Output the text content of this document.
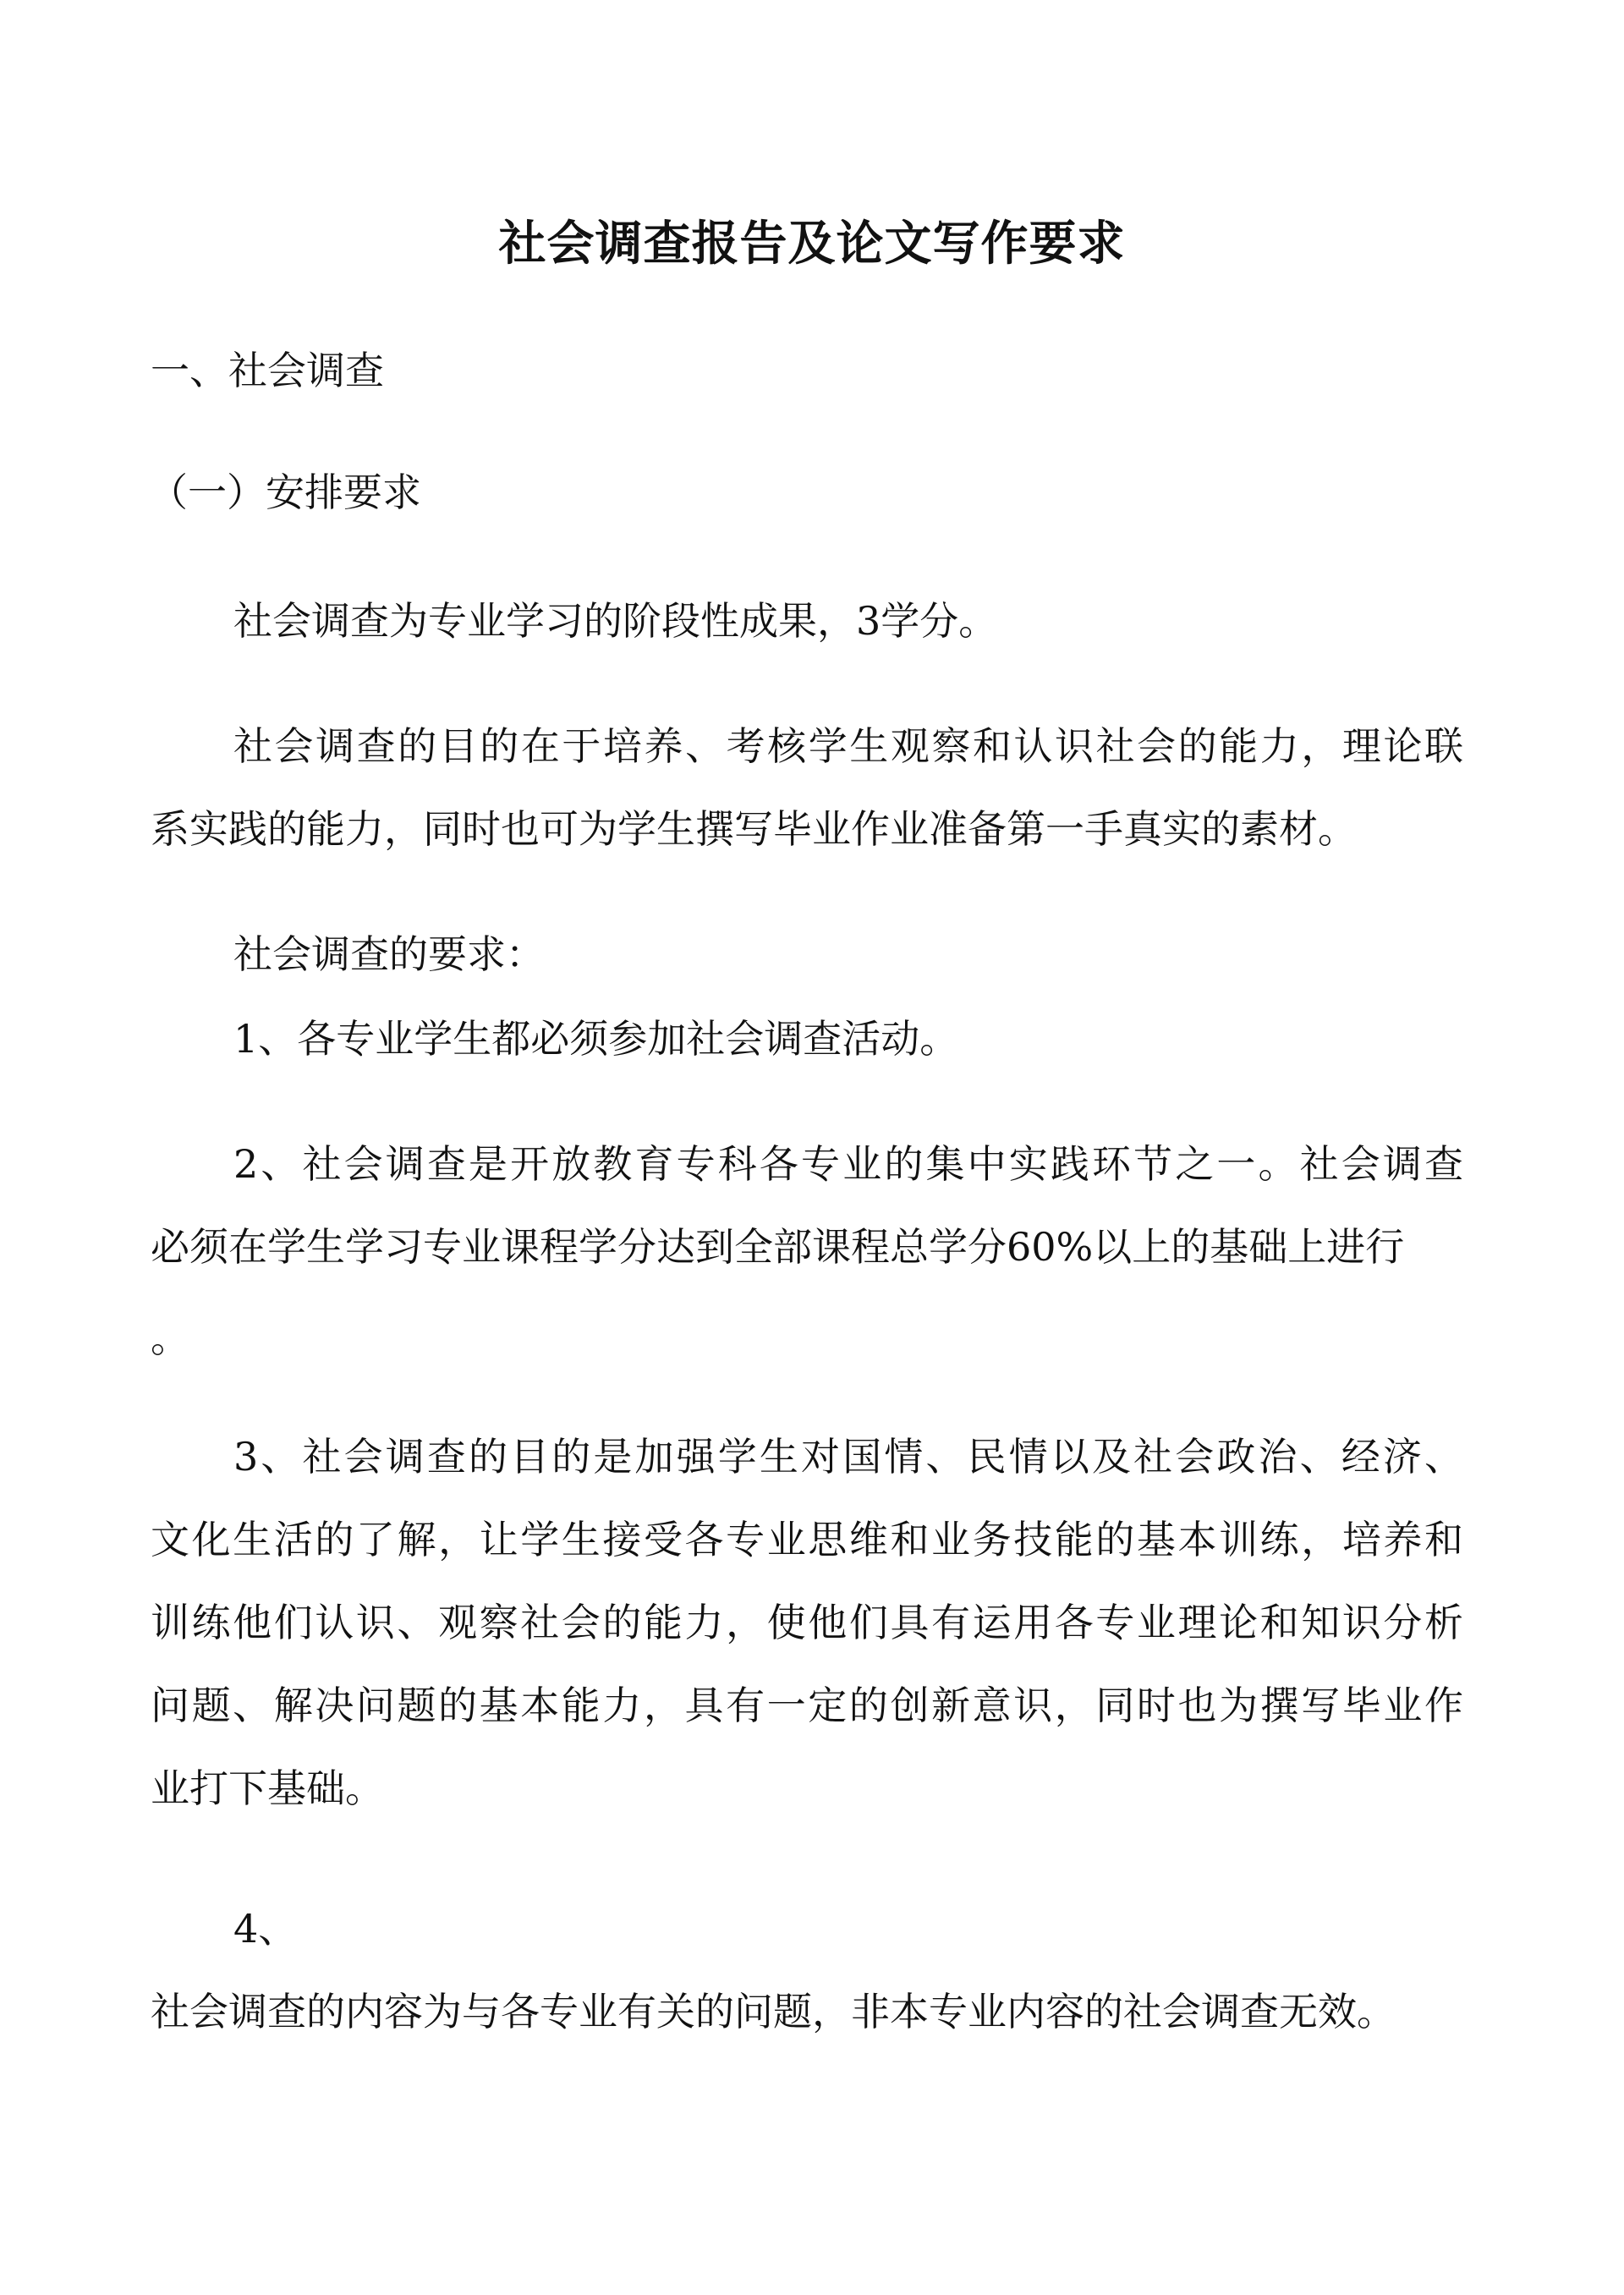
社会调查报告及论文写作要求
一、社会调查
（一）安排要求
社会调查为专业学习的阶段性成果，3学分。
社会调查的目的在于培养、考核学生观察和认识社会的能力，理论联
系实践的能力，同时也可为学生撰写毕业作业准备第一手真实的素材。
社会调查的要求：
1、各专业学生都必须参加社会调查活动。
2、社会调查是开放教育专科各专业的集中实践环节之一。社会调查
必须在学生学习专业课程学分达到全部课程总学分60%以上的基础上进行
。
3、社会调查的目的是加强学生对国情、民情以及社会政治、经济、
文化生活的了解，让学生接受各专业思维和业务技能的基本训练，培养和
训练他们认识、观察社会的能力，使他们具有运用各专业理论和知识分析
问题、解决问题的基本能力，具有一定的创新意识，同时也为撰写毕业作
业打下基础。
4、
社会调查的内容为与各专业有关的问题，非本专业内容的社会调查无效。
